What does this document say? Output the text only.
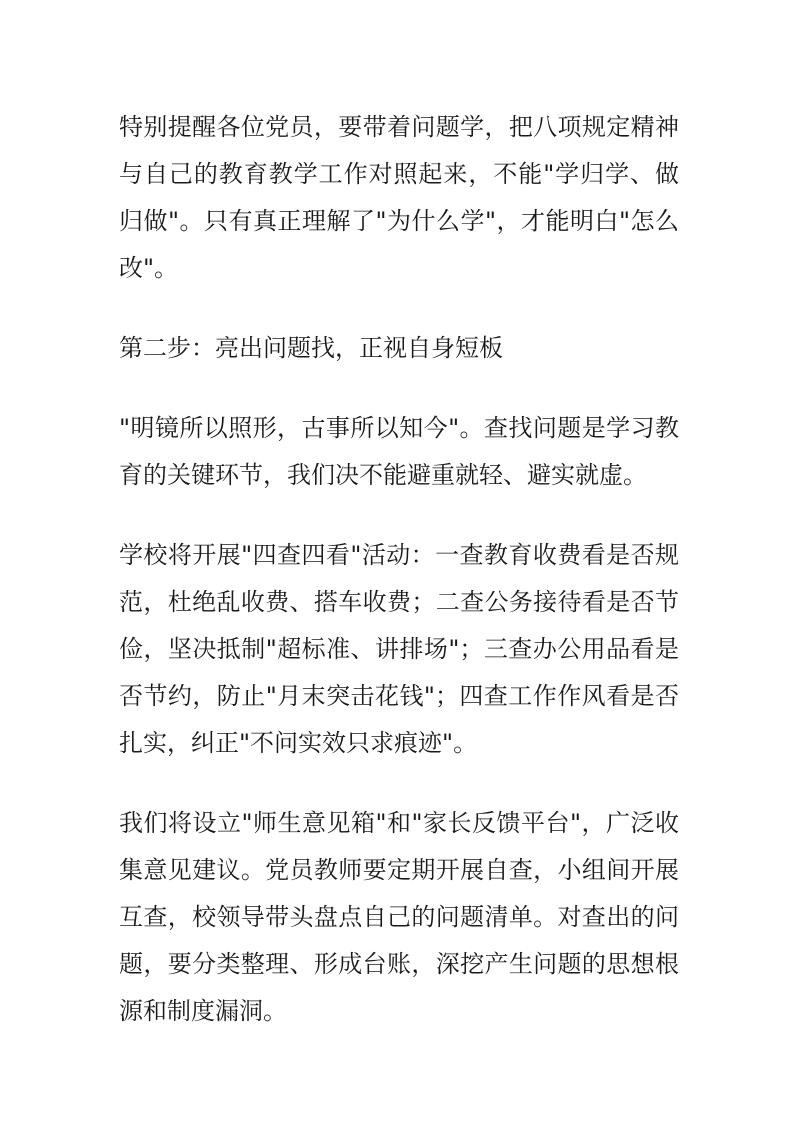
特别提醒各位党员，要带着问题学，把八项规定精神与自己的教育教学工作对照起来，不能"学归学、做归做"。只有真正理解了"为什么学"，才能明白"怎么改"。

第二步：亮出问题找，正视自身短板

"明镜所以照形，古事所以知今"。查找问题是学习教育的关键环节，我们决不能避重就轻、避实就虚。

学校将开展"四查四看"活动：一查教育收费看是否规范，杜绝乱收费、搭车收费；二查公务接待看是否节俭，坚决抵制"超标准、讲排场"；三查办公用品看是否节约，防止"月末突击花钱"；四查工作作风看是否扎实，纠正"不问实效只求痕迹"。

我们将设立"师生意见箱"和"家长反馈平台"，广泛收集意见建议。党员教师要定期开展自查，小组间开展互查，校领导带头盘点自己的问题清单。对查出的问题，要分类整理、形成台账，深挖产生问题的思想根源和制度漏洞。
